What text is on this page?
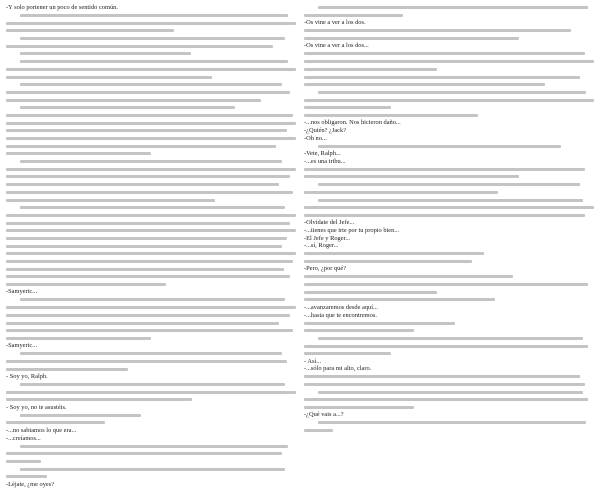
-Y solo portener un poco de sentido común.
-Samyeric...
-Samyeric...
- Soy yo, Ralph.
- Soy yo, no te asustéis.
-...no sabiamos lo que era...
-...creíamos...
-Léjate, ¿me oyes?
-Os vine a ver a los dos.
-Os vine a ver a los dos...
-...nos obligaron. Nos hicieron daño...
-¿Quién? ¿Jack?
-Oh no...
-Vete, Ralph...
-...es una tribu...
-Olvídate del Jefe...
-...tienes que irte por tu propio bien...
-El Jefe y Roger...
-...sí, Roger...
-Pero, ¿por qué?
-...avanzaremos desde aquí...
-...hasta que te encontremos.
- Así...
-...sólo para mi alto, claro.
-¿Qué vais a...?
